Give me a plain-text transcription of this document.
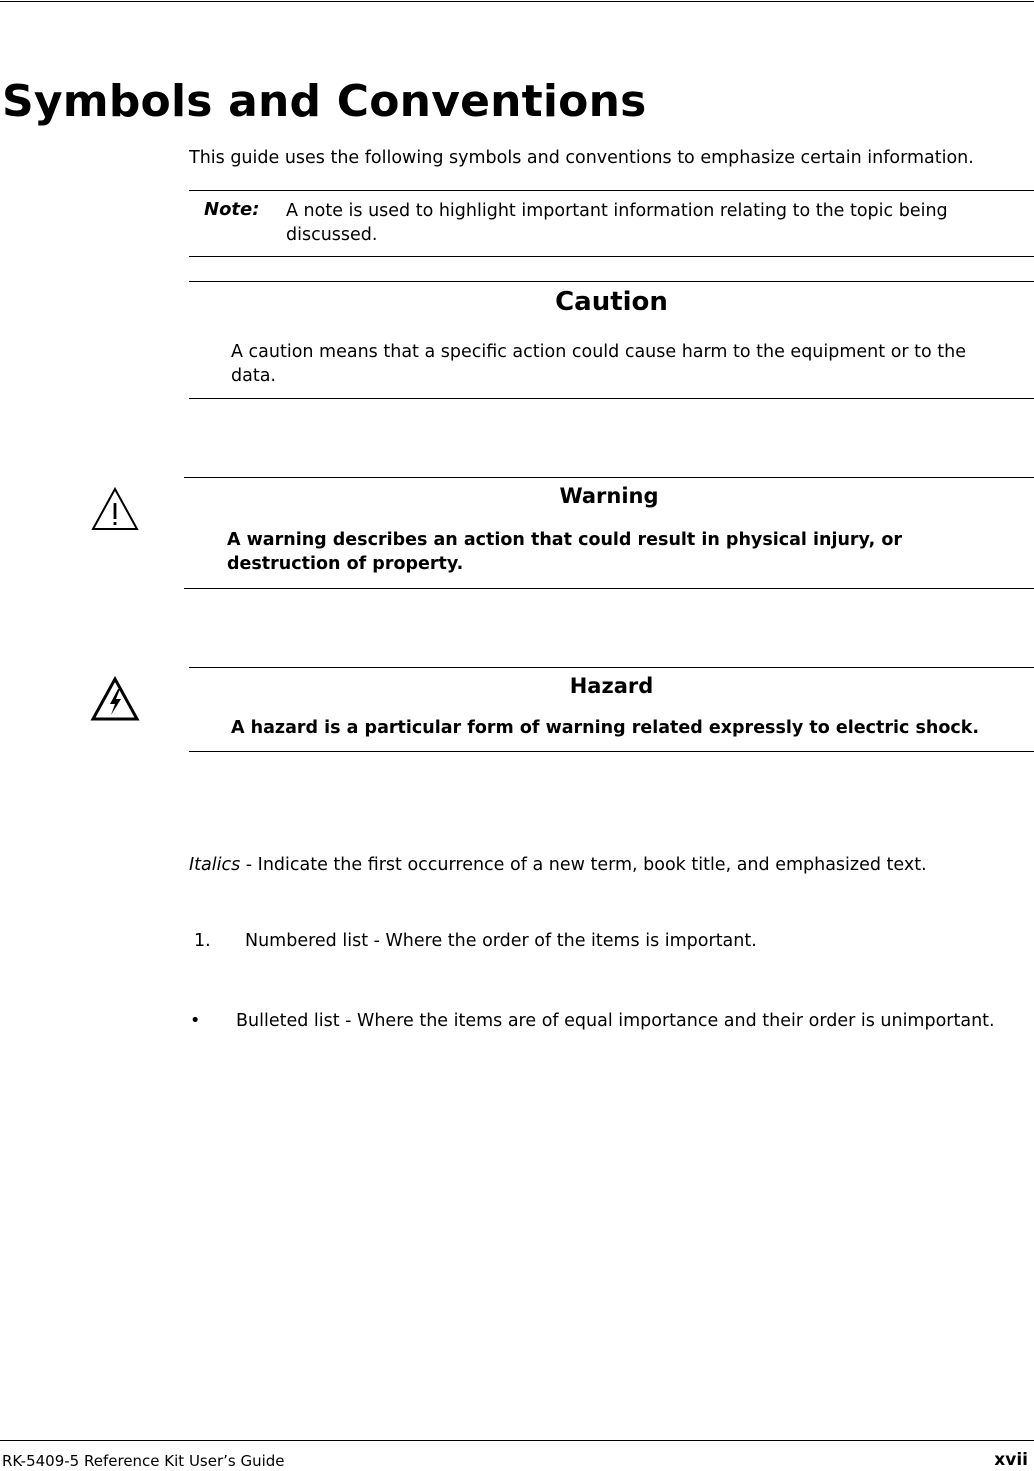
Symbols and Conventions

This guide uses the following symbols and conventions to emphasize certain information.

Note: A note is used to highlight important information relating to the topic being discussed.

Caution

A caution means that a specific action could cause harm to the equipment or to the data.

Warning

A warning describes an action that could result in physical injury, or destruction of property.

Hazard

A hazard is a particular form of warning related expressly to electric shock.

Italics - Indicate the first occurrence of a new term, book title, and emphasized text.

1. Numbered list - Where the order of the items is important.
• Bulleted list - Where the items are of equal importance and their order is unimportant.
RK-5409-5 Reference Kit User’s Guide	xvii
